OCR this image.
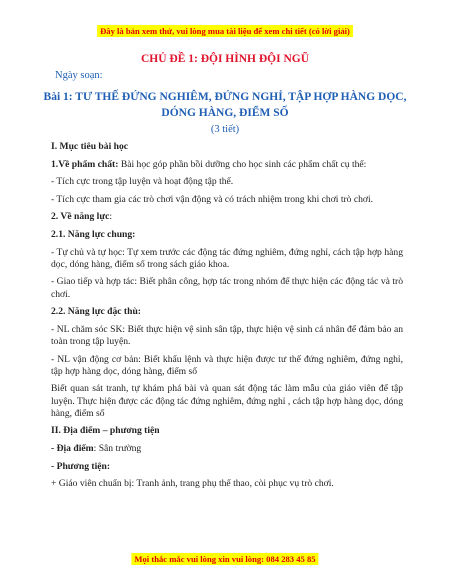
Đây là bản xem thử, vui lòng mua tài liệu để xem chi tiết (có lời giải)
CHỦ ĐỀ 1: ĐỘI HÌNH ĐỘI NGŨ
Ngày soạn:
Bài 1: TƯ THẾ ĐỨNG NGHIÊM, ĐỨNG NGHỈ, TẬP HỢP HÀNG DỌC, DÓNG HÀNG, ĐIỂM SỐ
(3 tiết)

I. Mục tiêu bài học

1.Về phẩm chất: Bài học góp phần bồi dưỡng cho học sinh các phẩm chất cụ thể:

- Tích cực trong tập luyện và hoạt động tập thể.

- Tích cực tham gia các trò chơi vận động và có trách nhiệm trong khi chơi trò chơi.

2. Về năng lực:

2.1. Năng lực chung:

- Tự chủ và tự học: Tự xem trước các động tác đứng nghiêm, đứng nghỉ, cách tập hợp hàng dọc, dóng hàng, điểm số trong sách giáo khoa.

- Giao tiếp và hợp tác: Biết phân công, hợp tác trong nhóm để thực hiện các động tác và trò chơi.

2.2. Năng lực đặc thù:

- NL chăm sóc SK: Biết thực hiện vệ sinh sân tập, thực hiện vệ sinh cá nhân để đảm bảo an toàn trong tập luyện.

- NL vận động cơ bản: Biết khẩu lệnh và thực hiện được tư thế đứng nghiêm, đứng nghỉ, tập hợp hàng dọc, dóng hàng, điểm số

Biết quan sát tranh, tự khám phá bài và quan sát động tác làm mẫu của giáo viên để tập luyện. Thực hiện được các động tác đứng nghiêm, đứng nghỉ , cách tập hợp hàng dọc, dóng hàng, điểm số

II. Địa điểm – phương tiện

- Địa điểm: Sân trường

- Phương tiện:

+ Giáo viên chuẩn bị: Tranh ảnh, trang phụ thể thao, còi phục vụ trò chơi.

Mọi thắc mắc vui lòng xin vui lòng: 084 283 45 85
